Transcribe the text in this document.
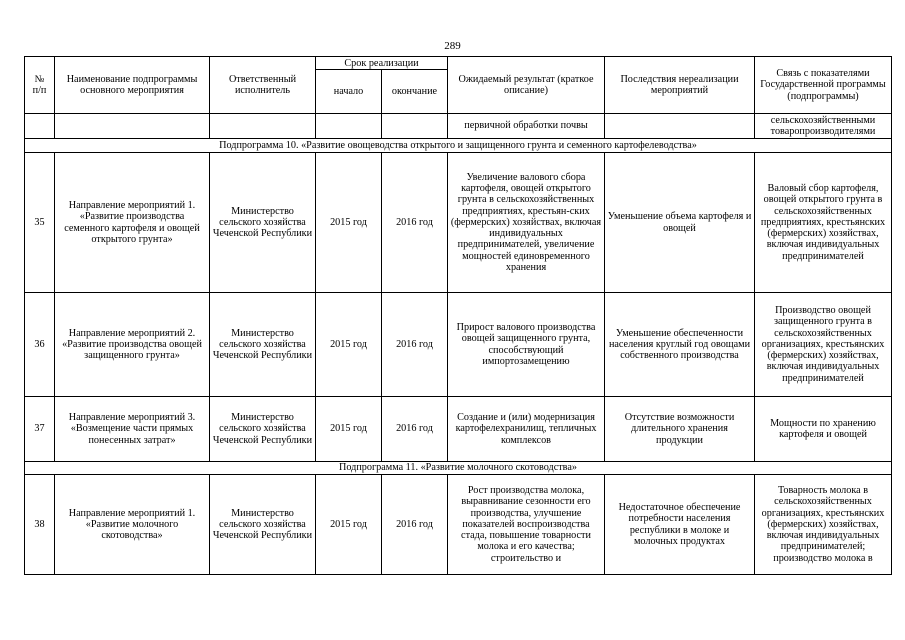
289
№
п/п	Наименование подпрограммы основного мероприятия	Ответственный исполнитель	Срок реализации		Ожидаемый результат (краткое описание)	Последствия нереализации мероприятий	Связь с показателями Государственной программы (подпрограммы)
			начало	окончание			
					первичной обработки почвы		сельскохозяйственными товаропроизводителями
Подпрограмма 10. «Развитие овощеводства открытого и защищенного грунта и семенного картофелеводства»							
35	Направление мероприятий 1. «Развитие производства семенного картофеля и овощей открытого грунта»	Министерство сельского хозяйства Чеченской Республики	2015 год	2016 год	Увеличение валового сбора картофеля, овощей открытого грунта в сельскохозяйственных предприятиях, крестьян-ских (фермерских) хозяйствах, включая индивидуальных предпринимателей, увеличение мощностей единовременного хранения	Уменьшение объема картофеля и овощей	Валовый сбор картофеля, овощей открытого грунта в сельскохозяйственных предприятиях, крестьянских (фермерских) хозяйствах, включая индивидуальных предпринимателей
36	Направление мероприятий 2. «Развитие производства овощей защищенного грунта»	Министерство сельского хозяйства Чеченской Республики	2015 год	2016 год	Прирост валового производства овощей защищенного грунта, способствующий импортозамещению	Уменьшение обеспеченности населения круглый год овощами собственного производства	Производство овощей защищенного грунта в сельскохозяйственных организациях, крестьянских (фермерских) хозяйствах, включая индивидуальных предпринимателей
37	Направление мероприятий 3. «Возмещение части прямых понесенных затрат»	Министерство сельского хозяйства Чеченской Республики	2015 год	2016 год	Создание и (или) модернизация картофелехранилищ, тепличных комплексов	Отсутствие возможности длительного хранения продукции	Мощности по хранению картофеля и овощей
Подпрограмма 11. «Развитие молочного скотоводства»							
38	Направление мероприятий 1. «Развитие молочного скотоводства»	Министерство сельского хозяйства Чеченской Республики	2015 год	2016 год	Рост производства молока, выравнивание сезонности его производства, улучшение показателей воспроизводства стада, повышение товарности молока и его качества; строительство и	Недостаточное обеспечение потребности населения республики в молоке и молочных продуктах	Товарность молока в сельскохозяйственных организациях, крестьянских (фермерских) хозяйствах, включая индивидуальных предпринимателей; производство молока в
